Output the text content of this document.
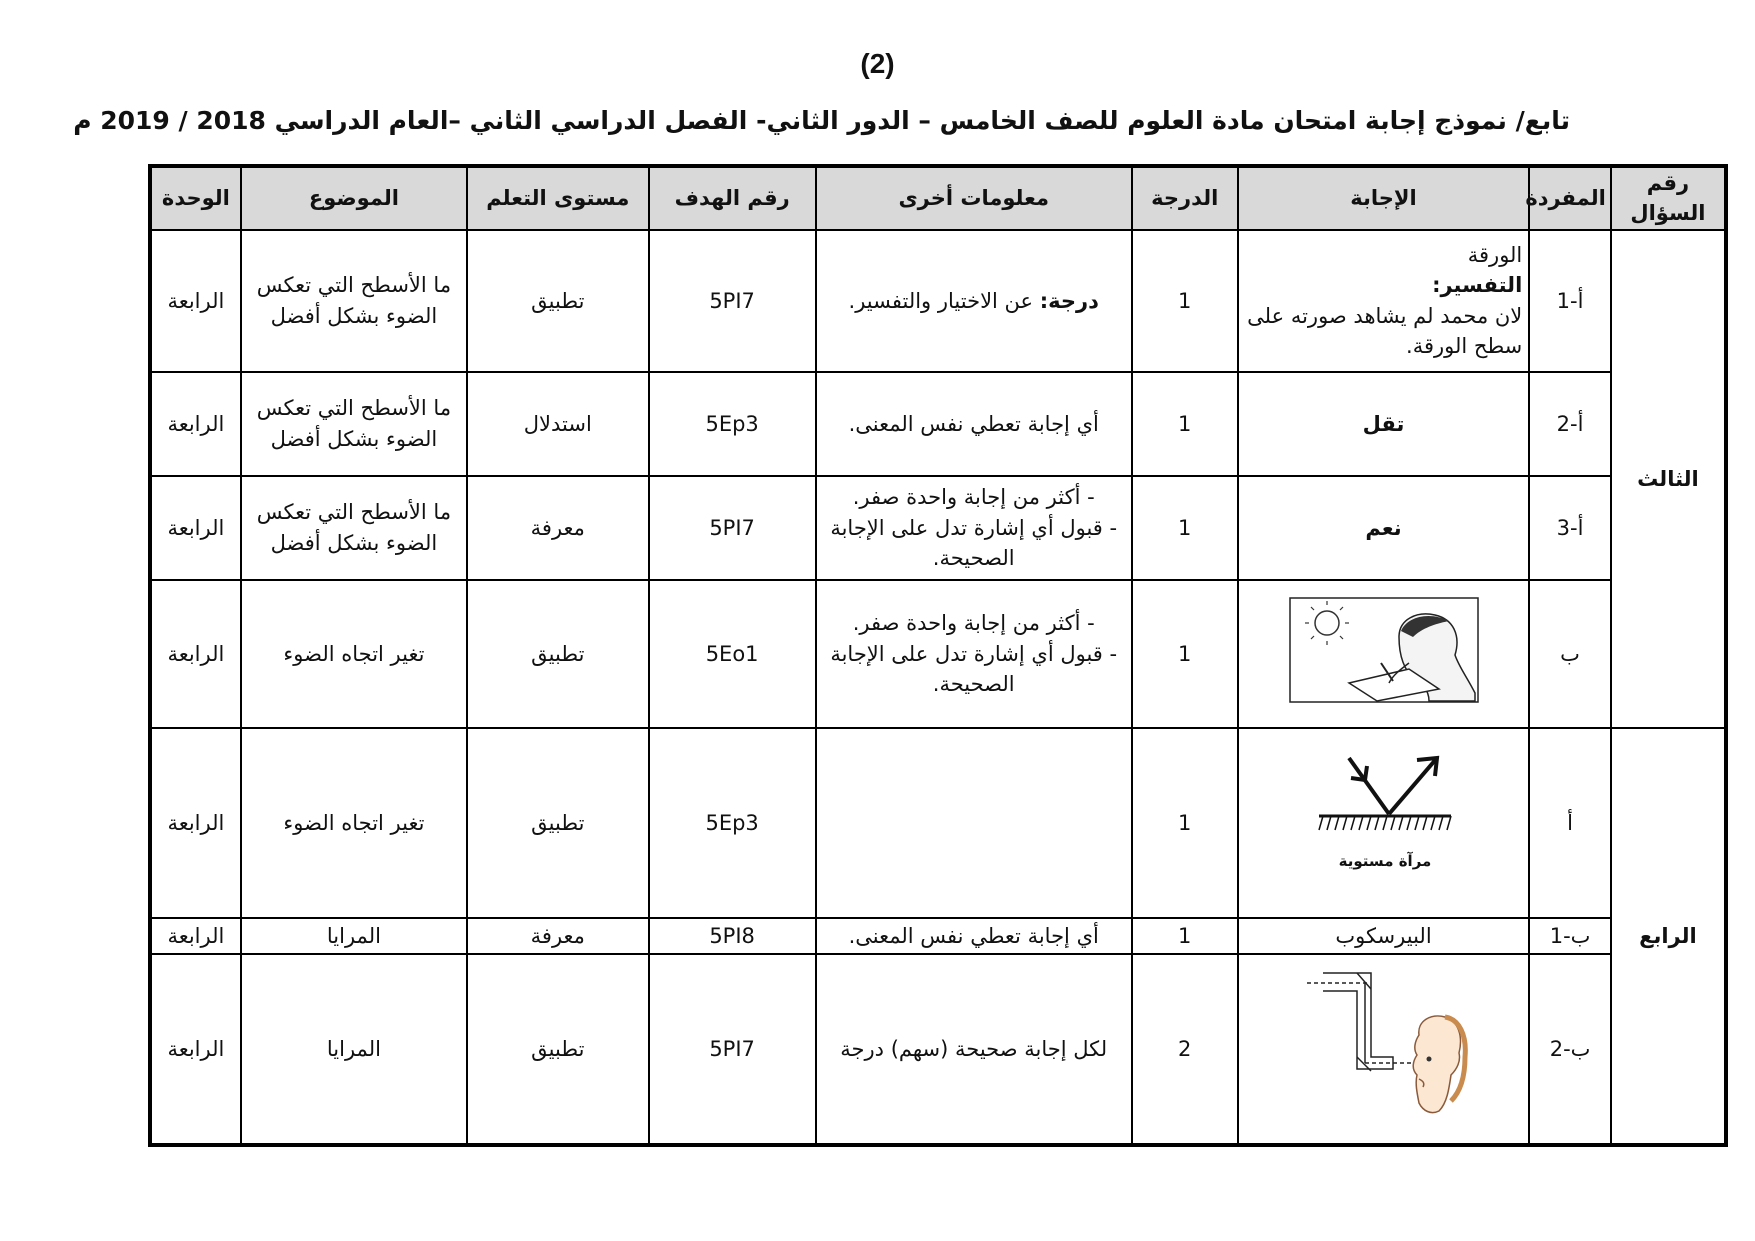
(2)
تابع/ نموذج إجابة امتحان مادة العلوم للصف الخامس – الدور الثاني- الفصل الدراسي الثاني –العام الدراسي 2018 / 2019 م
رقم السؤال	المفردة	الإجابة	الدرجة	معلومات أخرى	رقم الهدف	مستوى التعلم	الموضوع	الوحدة
الثالث	أ-1	الورقة
التفسير:
لان محمد لم يشاهد صورته على سطح الورقة.	1	درجة: عن الاختيار والتفسير.	5PI7	تطبيق	ما الأسطح التي تعكس الضوء بشكل أفضل	الرابعة
	أ-2	تقل	1	أي إجابة تعطي نفس المعنى.	5Ep3	استدلال	ما الأسطح التي تعكس الضوء بشكل أفضل	الرابعة
	أ-3	نعم	1	- أكثر من إجابة واحدة صفر.
- قبول أي إشارة تدل على الإجابة الصحيحة.	5PI7	معرفة	ما الأسطح التي تعكس الضوء بشكل أفضل	الرابعة
	ب		1	- أكثر من إجابة واحدة صفر.
- قبول أي إشارة تدل على الإجابة الصحيحة.	5Eo1	تطبيق	تغير اتجاه الضوء	الرابعة
الرابع	أ	مرآة مستوية	1		5Ep3	تطبيق	تغير اتجاه الضوء	الرابعة
	ب-1	البيرسكوب	1	أي إجابة تعطي نفس المعنى.	5PI8	معرفة	المرايا	الرابعة
	ب-2		2	لكل إجابة صحيحة (سهم) درجة	5PI7	تطبيق	المرايا	الرابعة
